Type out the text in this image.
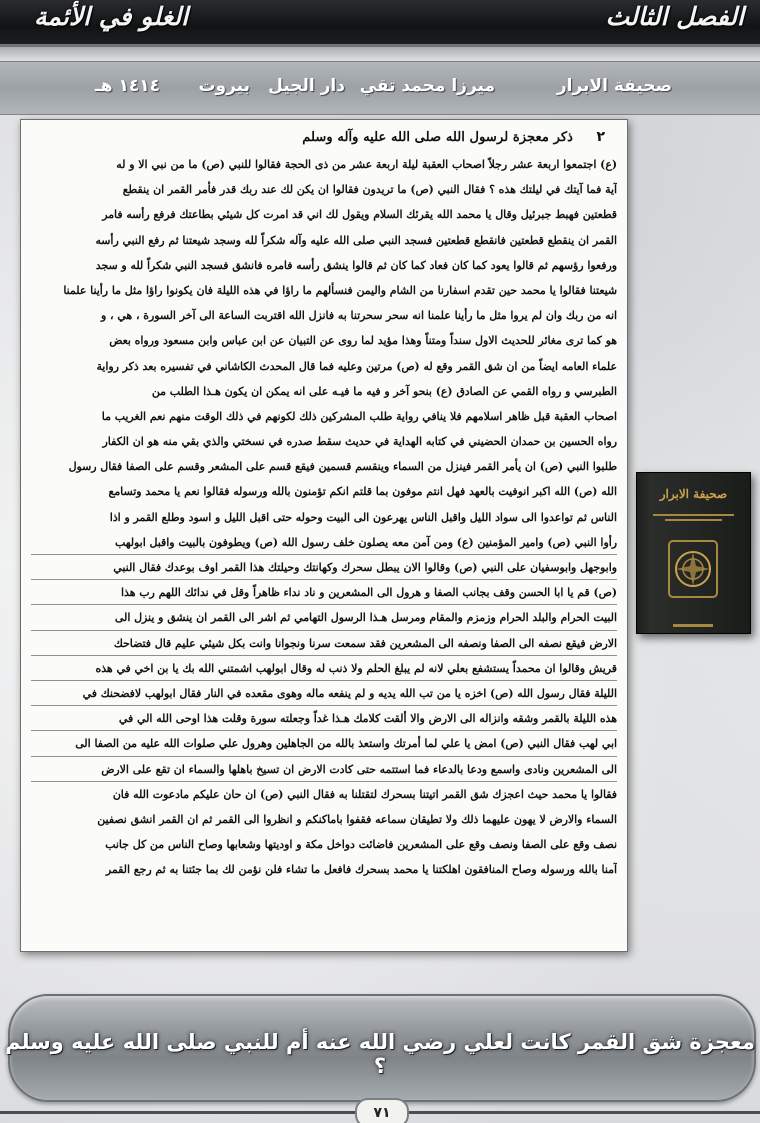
الفصل الثالث
الغلو في الأئمة
صحيفة الابرار
ميرزا محمد تقي
دار الجيل
بيروت
١٤١٤ هـ
٢
ذكر معجزة لرسول الله صلى الله عليه وآله وسلم
(ع) اجتمعوا اربعة عشر رجلاً اصحاب العقبة ليلة اربعة عشر من ذى الحجة فقالوا للنبي (ص) ما من نبي الا و له
آية فما آيتك في ليلتك هذه ؟ فقال النبي (ص) ما تريدون فقالوا ان يكن لك عند ربك قدر فأمر القمر ان ينقطع
قطعتين فهبط جبرئيل وقال يا محمد الله يقرئك السلام ويقول لك اني قد امرت كل شيئي بطاعتك فرفع رأسه فامر
القمر ان ينقطع قطعتين فانقطع قطعتين فسجد النبي صلى الله عليه وآله شكراً لله وسجد شيعتنا ثم رفع النبي رأسه
ورفعوا رؤسهم ثم قالوا يعود كما كان فعاد كما كان ثم قالوا ينشق رأسه فامره فانشق فسجد النبي شكراً لله و سجد
شيعتنا فقالوا يا محمد حين تقدم اسفارنا من الشام واليمن فنسألهم ما راؤا في هذه الليلة فان يكونوا راؤا مثل ما رأينا علمنا
انه من ربك وان لم يروا مثل ما رأينا علمنا انه سحر سحرتنا به فانزل الله اقتربت الساعة الى آخر السورة ، هي ، و
هو كما ترى مغائر للحديث الاول سنداً ومتناً وهذا مؤيد لما روى عن التبيان عن ابن عباس وابن مسعود ورواه بعض
علماء العامه ايضاً من ان شق القمر وقع له (ص) مرتين وعليه فما قال المحدث الكاشاني في تفسيره بعد ذكر رواية
الطبرسي و رواه القمي عن الصادق (ع) بنحو آخر و فيه ما فيـه على انه يمكن ان يكون هـذا الطلب من
اصحاب العقبة قبل ظاهر اسلامهم فلا ينافي رواية طلب المشركين ذلك لكونهم في ذلك الوقت منهم نعم الغريب ما
رواه الحسين بن حمدان الحضيني في كتابه الهداية في حديث سقط صدره في نسختي والذي بقي منه هو ان الكفار
طلبوا النبي (ص) ان يأمر القمر فينزل من السماء وينقسم قسمين فيقع قسم على المشعر وقسم على الصفا فقال رسول
الله (ص) الله اكبر انوفيت بالعهد فهل انتم موفون بما قلتم انكم تؤمنون بالله ورسوله فقالوا نعم يا محمد وتسامع
الناس ثم تواعدوا الى سواد الليل واقبل الناس يهرعون الى البيت وحوله حتى اقبل الليل و اسود وطلع القمر و اذا
رأوا النبي (ص) وامير المؤمنين (ع) ومن آمن معه يصلون خلف رسول الله (ص) ويطوفون بالبيت واقبل ابولهب
وابوجهل وابوسفيان على النبي (ص) وقالوا الان يبطل سحرك وكهانتك وحيلتك هذا القمر اوف بوعدك فقال النبي
(ص) قم يا ابا الحسن وقف بجانب الصفا و هرول الى المشعرين و ناد نداء ظاهراً وقل في ندائك اللهم رب هذا
البيت الحرام والبلد الحرام وزمزم والمقام ومرسل هـذا الرسول التهامي ثم اشر الى القمر ان ينشق و ينزل الى
الارض فيقع نصفه الى الصفا ونصفه الى المشعرين فقد سمعت سرنا ونجوانا وانت بكل شيئي عليم قال فتضاحك
قريش وقالوا ان محمداً يستشفع بعلي لانه لم يبلغ الحلم ولا ذنب له وقال ابولهب اشمتني الله بك يا بن اخي في هذه
الليلة فقال رسول الله (ص) اخزه يا من تب الله يديه و لم ينفعه ماله وهوى مقعده في النار فقال ابولهب لافضحنك في
هذه الليلة بالقمر وشقه وانزاله الى الارض والا ألقت كلامك هـذا غداً وجعلته سورة وقلت هذا اوحى الله الي في
ابي لهب فقال النبي (ص) امض يا علي لما أمرتك واستعذ بالله من الجاهلين وهرول علي صلوات الله عليه من الصفا الى
الى المشعرين ونادى واسمع ودعا بالدعاء فما استتمه حتى كادت الارض ان تسيخ باهلها والسماء ان تقع على الارض
فقالوا يا محمد حيث اعجزك شق القمر اتيتنا بسحرك لتقتلنا به فقال النبي (ص) ان حان عليكم مادعوت الله فان
السماء والارض لا يهون عليهما ذلك ولا تطيقان سماعه فقفوا باماكنكم و انظروا الى القمر ثم ان القمر انشق نصفين
نصف وقع على الصفا ونصف وقع على المشعرين فاضائت دواخل مكة و اوديتها وشعابها وصاح الناس من كل جانب
آمنا بالله ورسوله وصاح المنافقون اهلكتنا يا محمد بسحرك فافعل ما تشاء فلن نؤمن لك بما جئتنا به ثم رجع القمر
صحيفة الابرار
معجزة شق القمر كانت لعلي رضي الله عنه أم للنبي صلى الله عليه وسلم ؟
٧١
